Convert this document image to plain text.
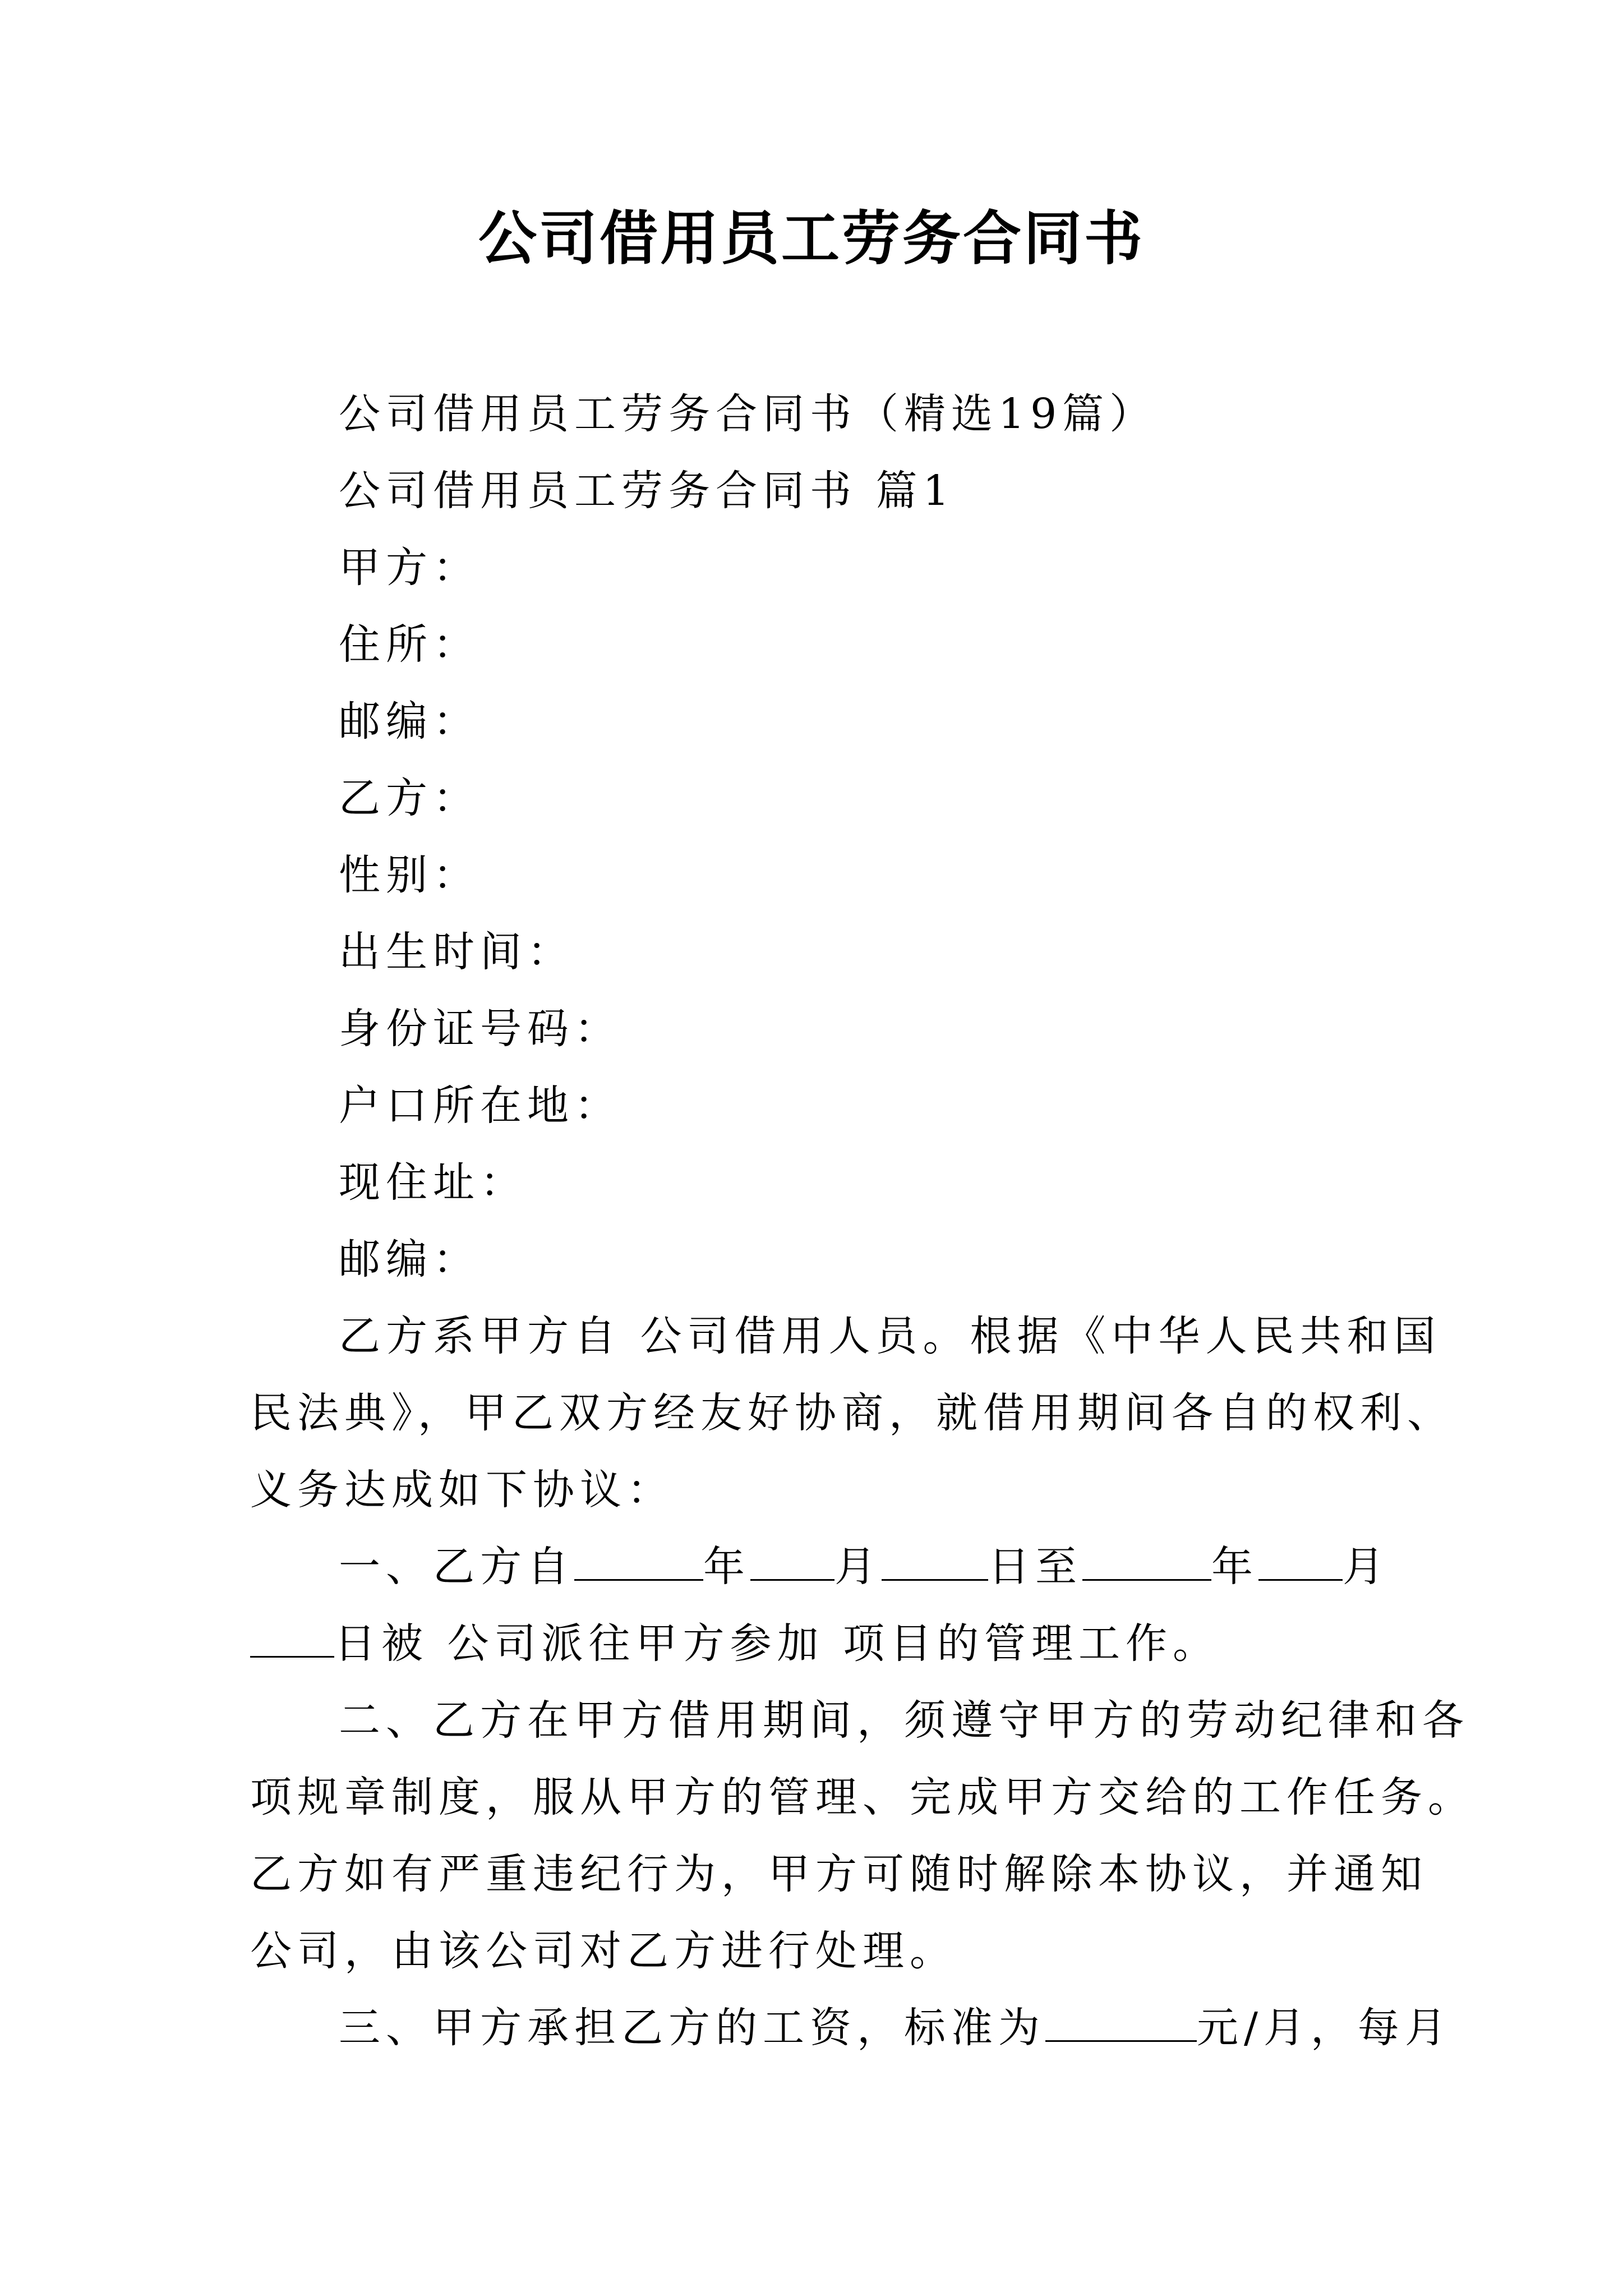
公司借用员工劳务合同书
公司借用员工劳务合同书（精选19篇）
公司借用员工劳务合同书 篇1
甲方：
住所：
邮编：
乙方：
性别：
出生时间：
身份证号码：
户口所在地：
现住址：
邮编：
乙方系甲方自 公司借用人员。根据《中华人民共和国
民法典》，甲乙双方经友好协商，就借用期间各自的权利、
义务达成如下协议：
一、乙方自	年 月	日至	年 月
日被 公司派往甲方参加 项目的管理工作。
二、乙方在甲方借用期间，须遵守甲方的劳动纪律和各
项规章制度，服从甲方的管理、完成甲方交给的工作任务。
乙方如有严重违纪行为，甲方可随时解除本协议，并通知
公司，由该公司对乙方进行处理。
三、甲方承担乙方的工资，标准为	元/月，每月
